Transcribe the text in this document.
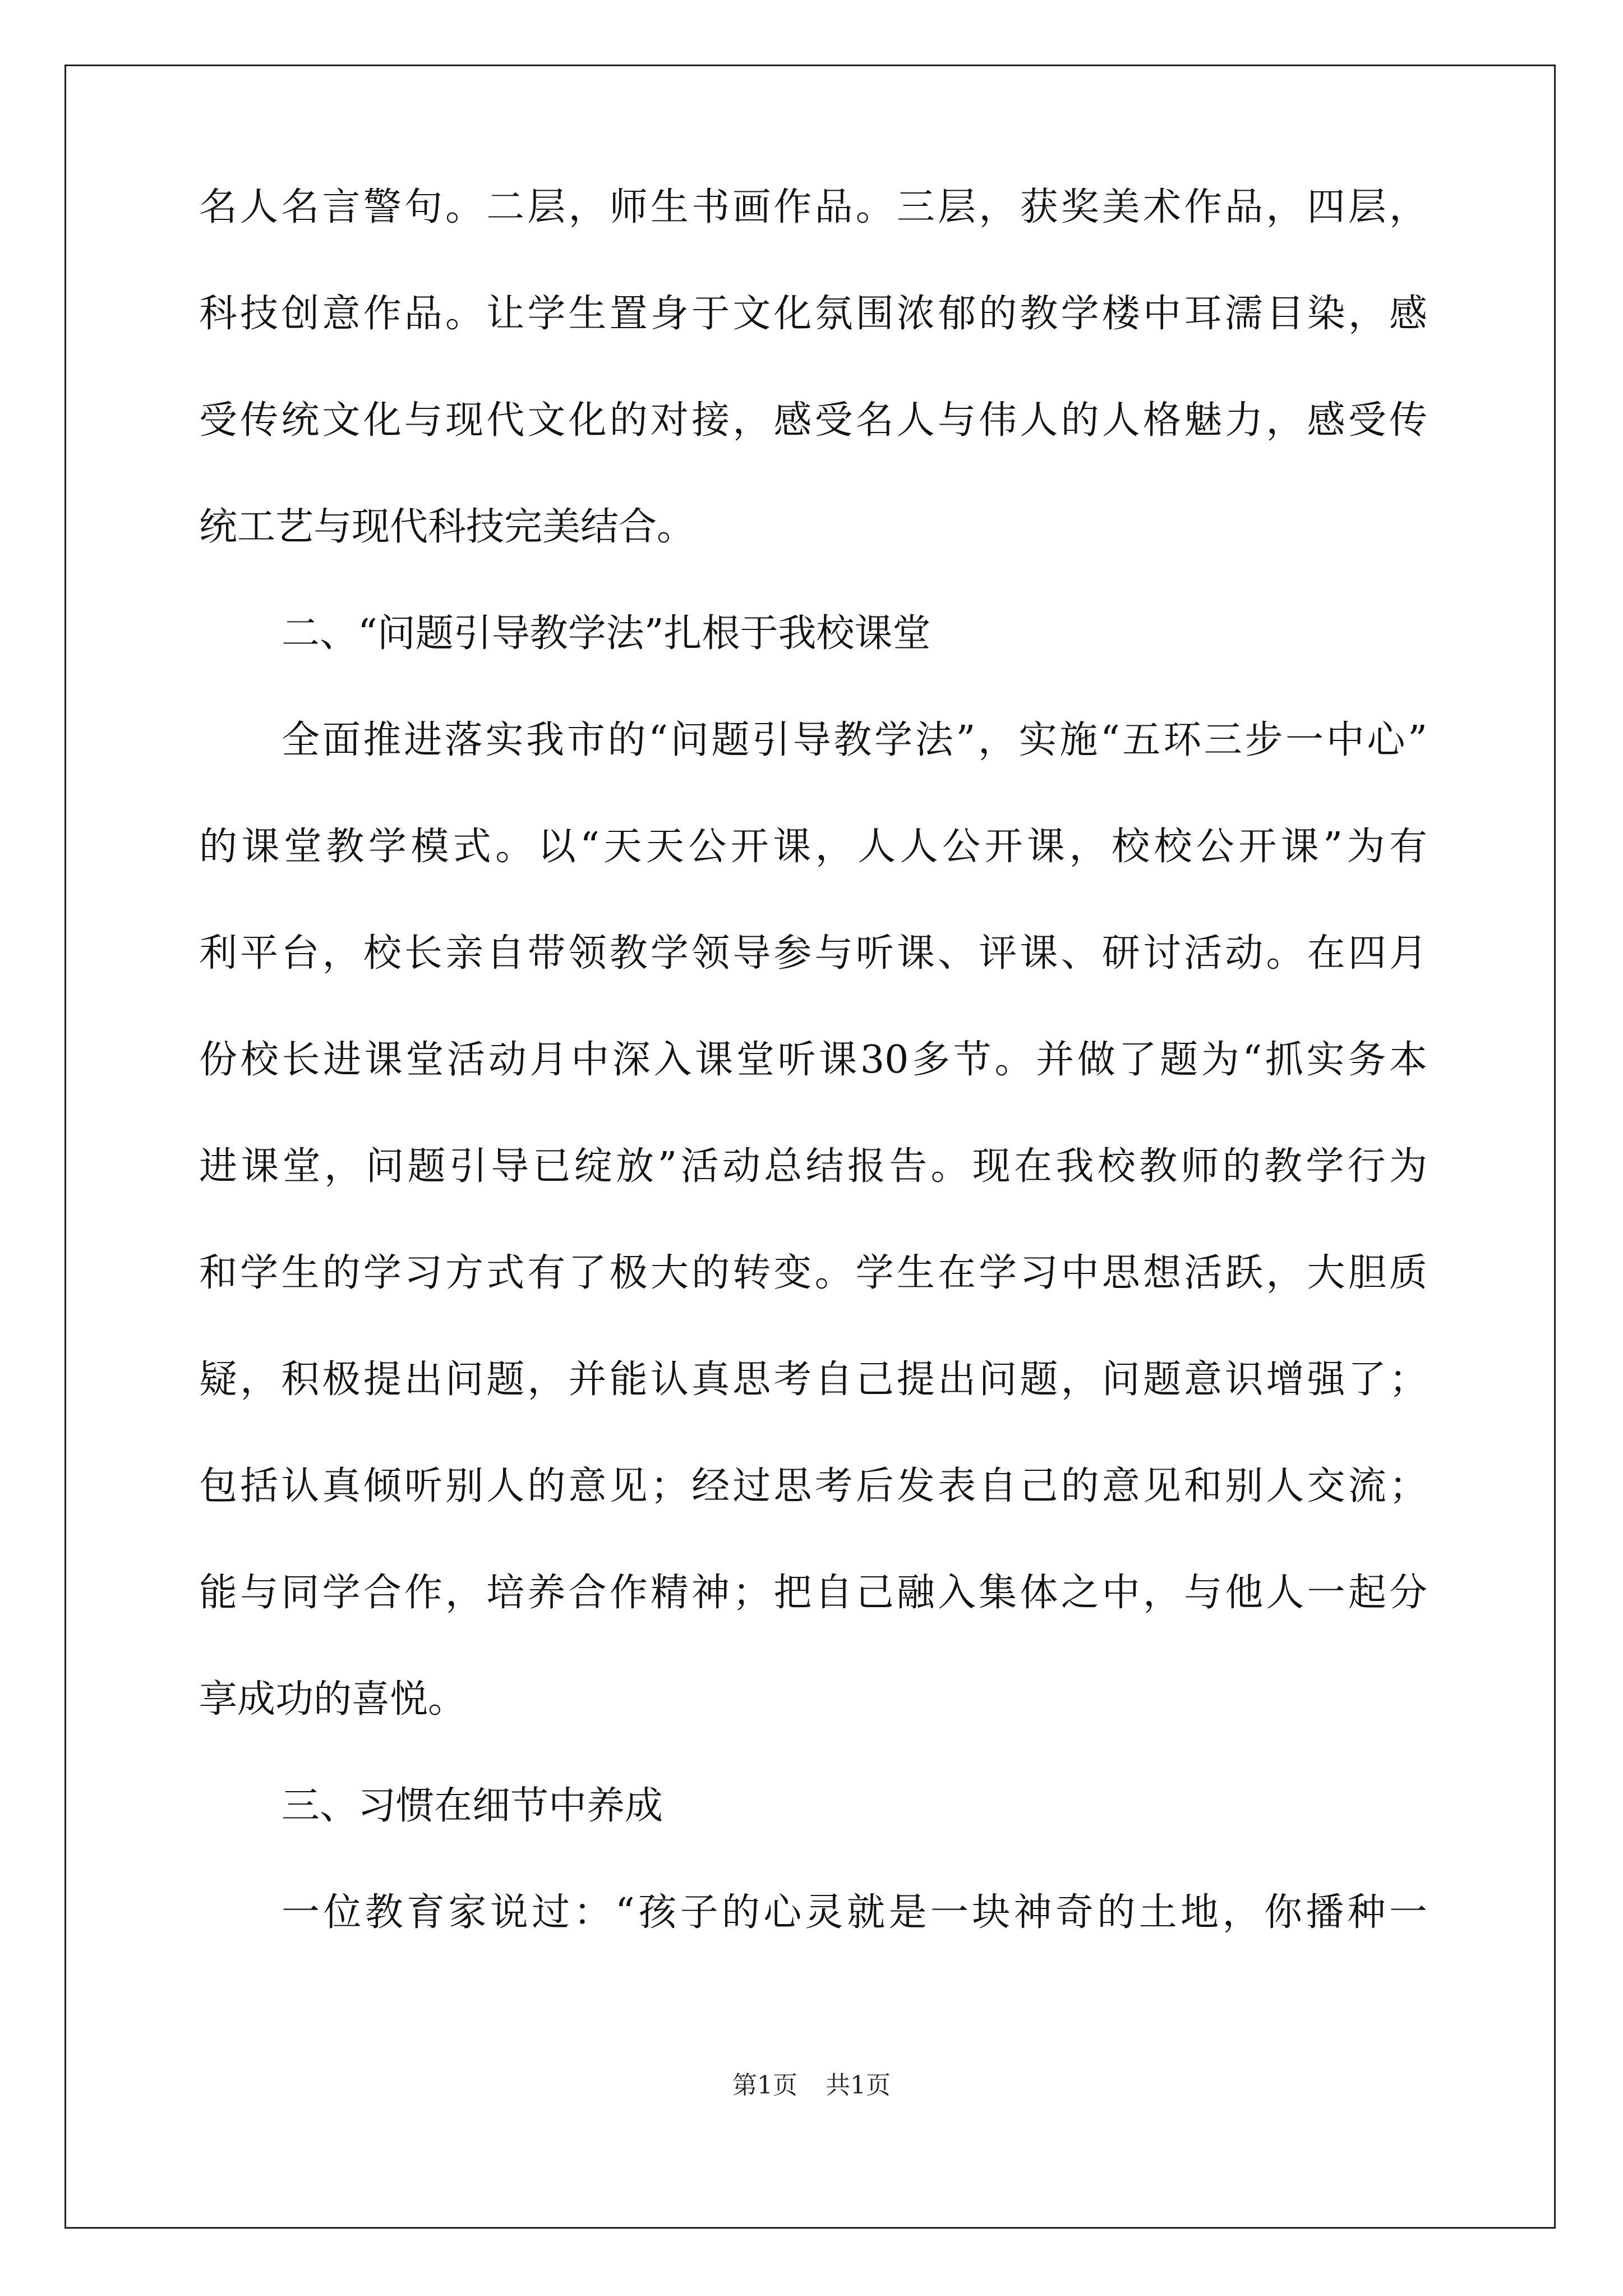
名人名言警句。二层，师生书画作品。三层，获奖美术作品，四层，
科技创意作品。让学生置身于文化氛围浓郁的教学楼中耳濡目染，感
受传统文化与现代文化的对接，感受名人与伟人的人格魅力，感受传
统工艺与现代科技完美结合。
二、“问题引导教学法”扎根于我校课堂
全面推进落实我市的“问题引导教学法”，实施“五环三步一中心”
的课堂教学模式。以“天天公开课，人人公开课，校校公开课”为有
利平台，校长亲自带领教学领导参与听课、评课、研讨活动。在四月
份校长进课堂活动月中深入课堂听课30多节。并做了题为“抓实务本
进课堂，问题引导已绽放”活动总结报告。现在我校教师的教学行为
和学生的学习方式有了极大的转变。学生在学习中思想活跃，大胆质
疑，积极提出问题，并能认真思考自己提出问题，问题意识增强了；
包括认真倾听别人的意见；经过思考后发表自己的意见和别人交流；
能与同学合作，培养合作精神；把自己融入集体之中，与他人一起分
享成功的喜悦。
三、习惯在细节中养成
一位教育家说过：“孩子的心灵就是一块神奇的土地，你播种一
第1页 共1页
